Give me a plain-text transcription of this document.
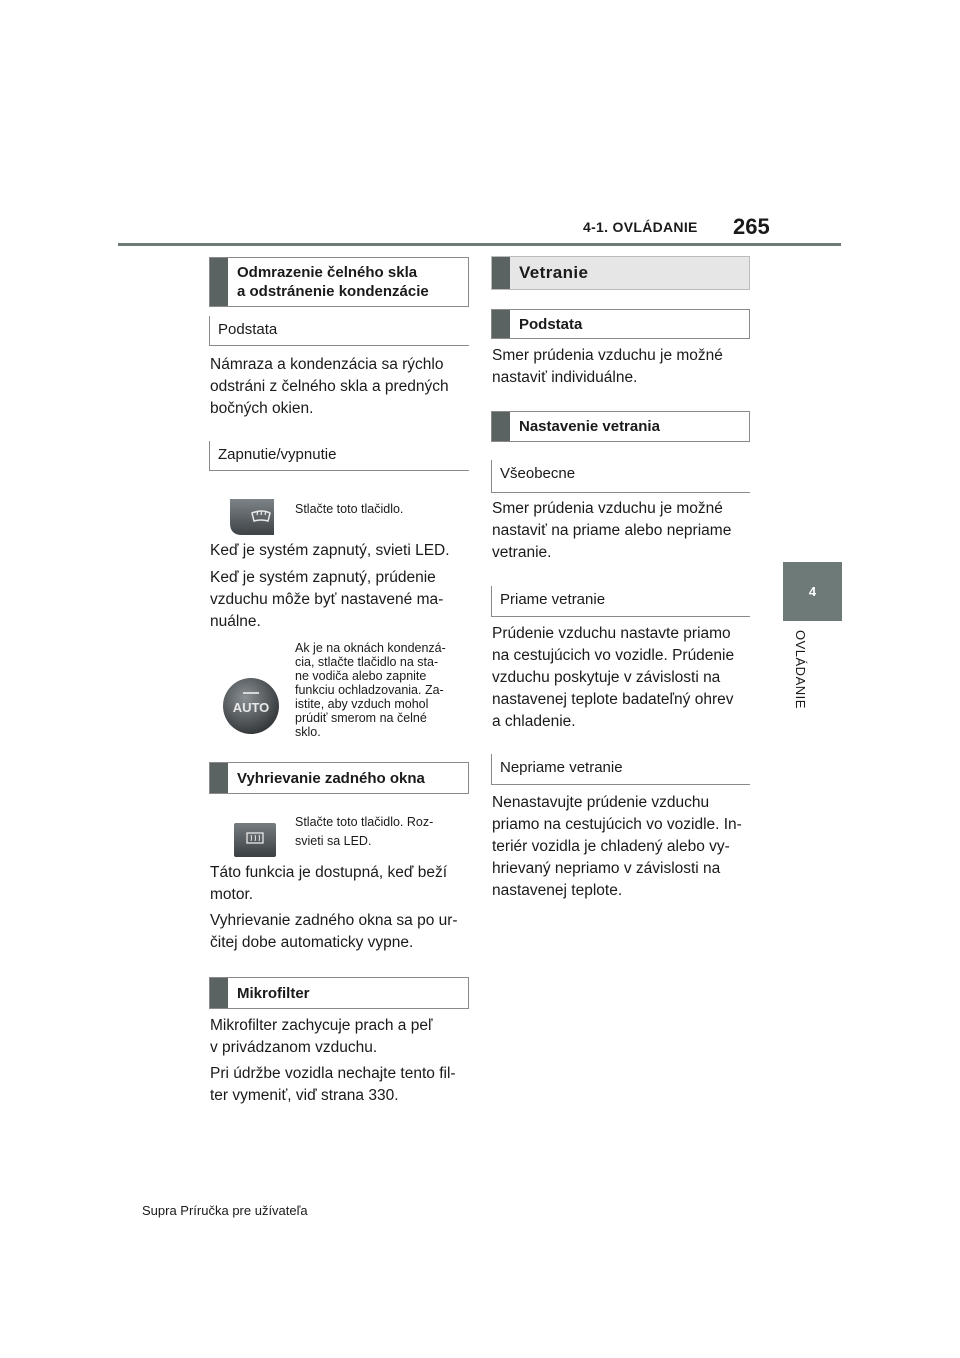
4-1. OVLÁDANIE 265
4
OVLÁDANIE
Odmrazenie čelného skla
a odstránenie kondenzácie
Podstata
Námraza a kondenzácia sa rýchlo
odstráni z čelného skla a predných
bočných okien.
Zapnutie/vypnutie
Stlačte toto tlačidlo.
Keď je systém zapnutý, svieti LED.
Keď je systém zapnutý, prúdenie
vzduchu môže byť nastavené ma-
nuálne.
AUTO
Ak je na oknách kondenzá-
cia, stlačte tlačidlo na sta-
ne vodiča alebo zapnite
funkciu ochladzovania. Za-
istite, aby vzduch mohol
prúdiť smerom na čelné
sklo.
Vyhrievanie zadného okna
Stlačte toto tlačidlo. Roz-
svieti sa LED.
Táto funkcia je dostupná, keď beží
motor.
Vyhrievanie zadného okna sa po ur-
čitej dobe automaticky vypne.
Mikrofilter
Mikrofilter zachycuje prach a peľ
v privádzanom vzduchu.
Pri údržbe vozidla nechajte tento fil-
ter vymeniť, viď strana 330.
Vetranie
Podstata
Smer prúdenia vzduchu je možné
nastaviť individuálne.
Nastavenie vetrania
Všeobecne
Smer prúdenia vzduchu je možné
nastaviť na priame alebo nepriame
vetranie.
Priame vetranie
Prúdenie vzduchu nastavte priamo
na cestujúcich vo vozidle. Prúdenie
vzduchu poskytuje v závislosti na
nastavenej teplote badateľný ohrev
a chladenie.
Nepriame vetranie
Nenastavujte prúdenie vzduchu
priamo na cestujúcich vo vozidle. In-
teriér vozidla je chladený alebo vy-
hrievaný nepriamo v závislosti na
nastavenej teplote.
Supra Príručka pre užívateľa
